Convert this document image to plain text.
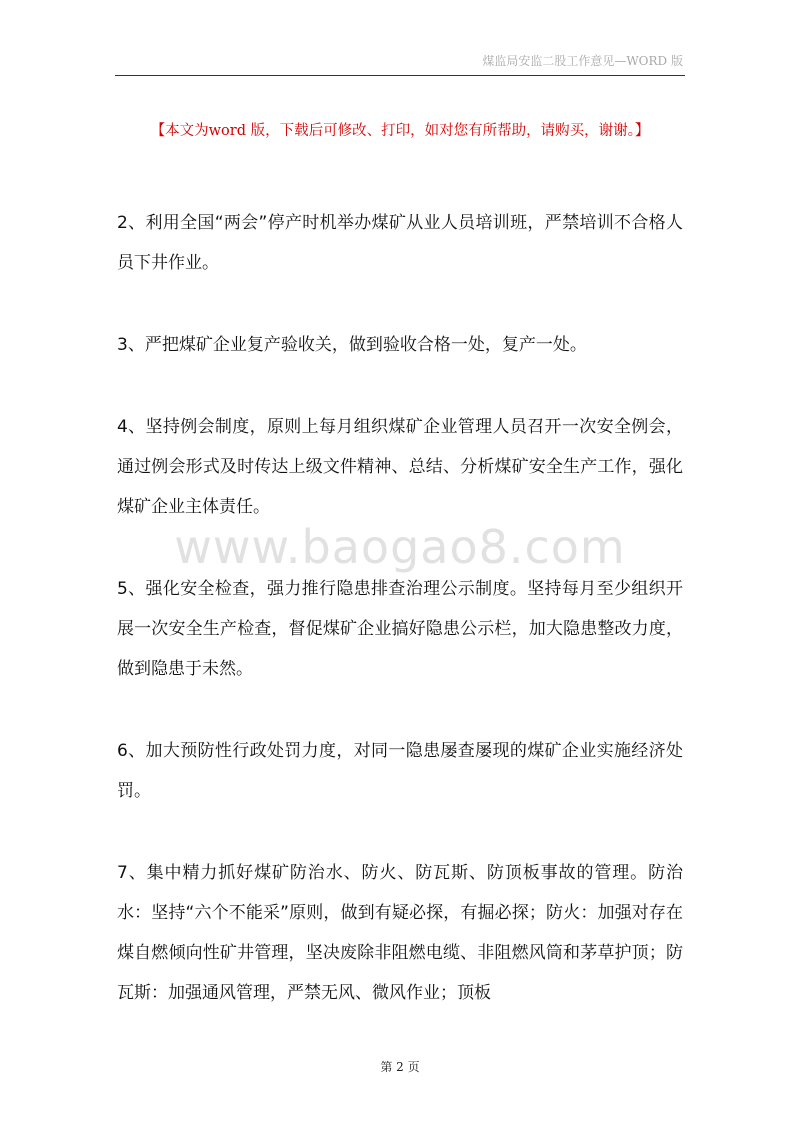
煤监局安监二股工作意见—WORD 版
【本文为word 版，下载后可修改、打印，如对您有所帮助，请购买，谢谢。】

2、利用全国“两会”停产时机举办煤矿从业人员培训班，严禁培训不合格人员下井作业。

3、严把煤矿企业复产验收关，做到验收合格一处，复产一处。

4、坚持例会制度，原则上每月组织煤矿企业管理人员召开一次安全例会，通过例会形式及时传达上级文件精神、总结、分析煤矿安全生产工作，强化煤矿企业主体责任。

5、强化安全检查，强力推行隐患排查治理公示制度。坚持每月至少组织开展一次安全生产检查，督促煤矿企业搞好隐患公示栏，加大隐患整改力度，做到隐患于未然。

6、加大预防性行政处罚力度，对同一隐患屡查屡现的煤矿企业实施经济处罚。

7、集中精力抓好煤矿防治水、防火、防瓦斯、防顶板事故的管理。防治水：坚持“六个不能采”原则，做到有疑必探，有掘必探；防火：加强对存在煤自燃倾向性矿井管理，坚决废除非阻燃电缆、非阻燃风筒和茅草护顶；防瓦斯：加强通风管理，严禁无风、微风作业；顶板

www.baogao8.com
第 2 页
